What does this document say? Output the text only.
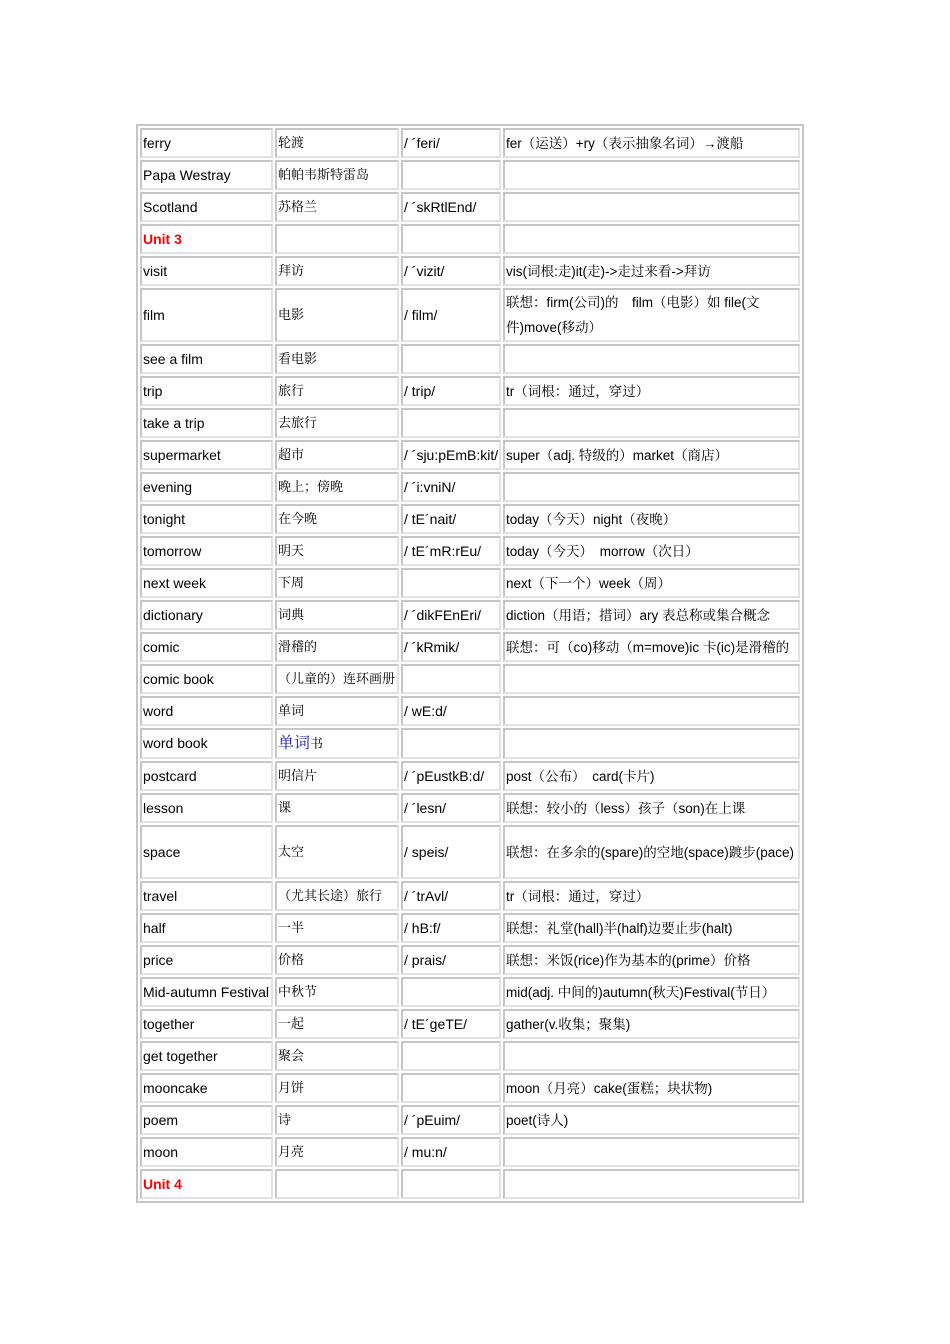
ferry	轮渡	/ ´feri/	fer（运送）+ry（表示抽象名词）→渡船
Papa Westray	帕帕韦斯特雷岛		
Scotland	苏格兰	/ ´skRtlEnd/	
Unit 3			
visit	拜访	/ ´vizit/	vis(词根:走)it(走)->走过来看->拜访
film	电影	/ film/	联想：firm(公司)的　film（电影）如 file(文件)move(移动）
see a film	看电影		
trip	旅行	/ trip/	tr（词根：通过，穿过）
take a trip	去旅行		
supermarket	超市	/ ´sju:pEmB:kit/	super（adj. 特级的）market（商店）
evening	晚上；傍晚	/ ´i:vniN/	
tonight	在今晚	/ tE´nait/	today（今天）night（夜晚）
tomorrow	明天	/ tE´mR:rEu/	today（今天）　morrow（次日）
next week	下周		next（下一个）week（周）
dictionary	词典	/ ´dikFEnEri/	diction（用语；措词）ary 表总称或集合概念
comic	滑稽的	/ ´kRmik/	联想：可（co)移动（m=move)ic 卡(ic)是滑稽的
comic book	（儿童的）连环画册		
word	单词	/ wE:d/	
word book	单词书		
postcard	明信片	/ ´pEustkB:d/	post（公布）　card(卡片)
lesson	课	/ ´lesn/	联想：较小的（less）孩子（son)在上课
space	太空	/ speis/	联想：在多余的(spare)的空地(space)踱步(pace)
travel	（尤其长途）旅行	/ ´trAvl/	tr（词根：通过，穿过）
half	一半	/ hB:f/	联想：礼堂(hall)半(half)边要止步(halt)
price	价格	/ prais/	联想：米饭(rice)作为基本的(prime）价格
Mid-autumn Festival	中秋节		mid(adj. 中间的)autumn(秋天)Festival(节日）
together	一起	/ tE´geTE/	gather(v.收集；聚集)
get together	聚会		
mooncake	月饼		moon（月亮）cake(蛋糕；块状物)
poem	诗	/ ´pEuim/	poet(诗人)
moon	月亮	/ mu:n/	
Unit 4			
